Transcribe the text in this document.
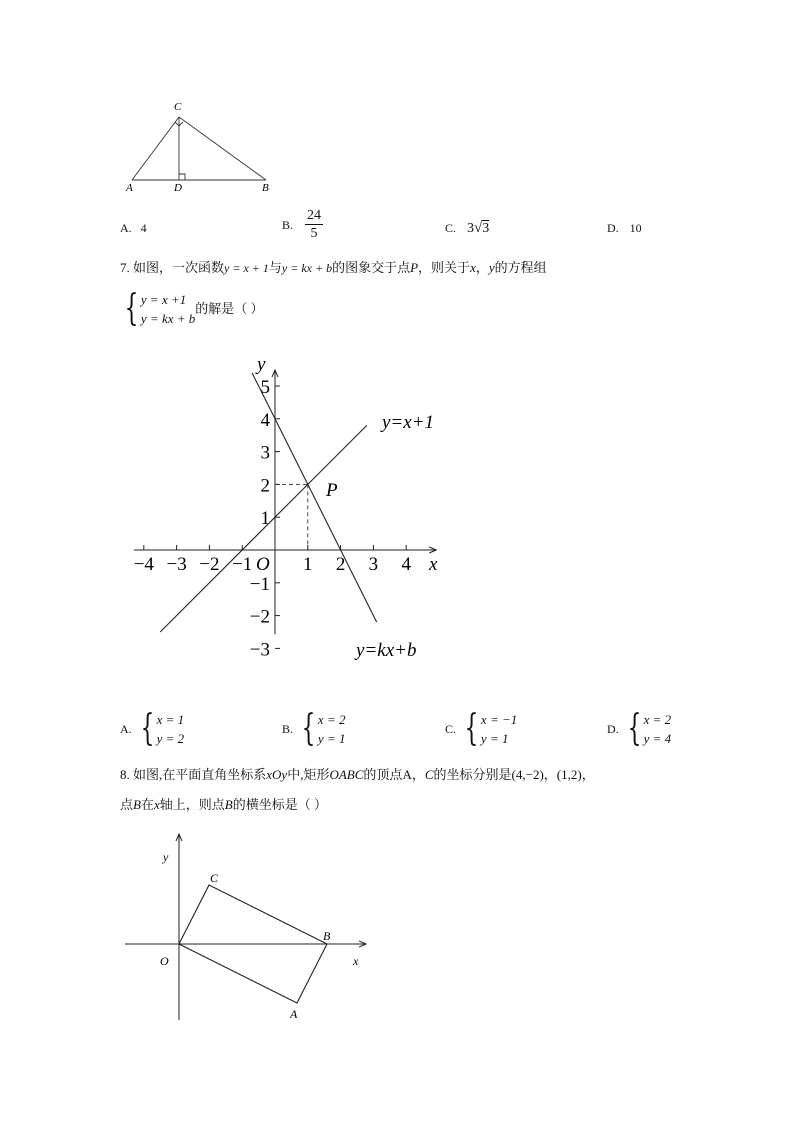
C
A	D	B
A. 4	B. $\frac{24}{5}$	C. 3√3	D. 10
7. 如图，一次函数y = x + 1与y = kx + b的图象交于点P，则关于x，y的方程组
{ y = x +1
y = kx + b
的解是（ ）
−4 −3 −2 −1	1 2 3 4
5
4
3
2
1
−1
−2
−3
y=x+1
y=kx+b
P
O	x
y
A. { x = 1
y = 2
B. { x = 2
y = 1
C. { x = −1
y = 1
D. { x = 2
y = 4
8. 如图,在平面直角坐标系xOy中,矩形OABC的顶点A，C的坐标分别是(4,−2)，(1,2)，
点B在x轴上，则点B的横坐标是（ ）
y
C
B
O	x
A
